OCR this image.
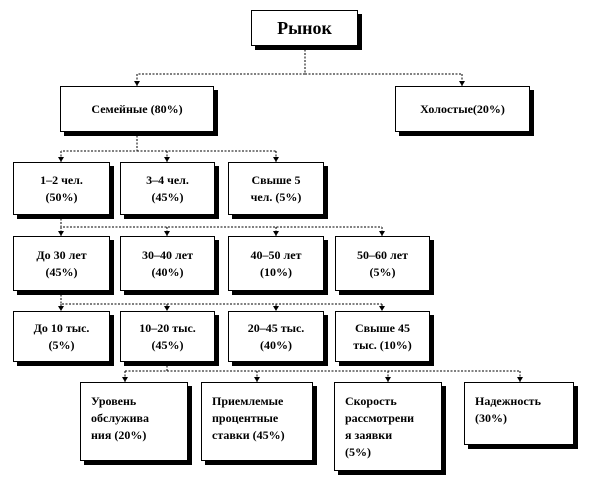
Рынок
Семейные (80%)	Холостые(20%)
1–2 чел.
(50%)
3–4 чел.
(45%)
Свыше 5
чел. (5%)
До 30 лет
(45%)
30–40 лет
(40%)
40–50 лет
(10%)
50–60 лет
(5%)
До 10 тыс.
(5%)
10–20 тыс.
(45%)
20–45 тыс.
(40%)
Свыше 45
тыс. (10%)
Уровень
обслужива
ния (20%)
Приемлемые
процентные
ставки (45%)
Скорость
рассмотрени
я заявки
(5%)
Надежность
(30%)
